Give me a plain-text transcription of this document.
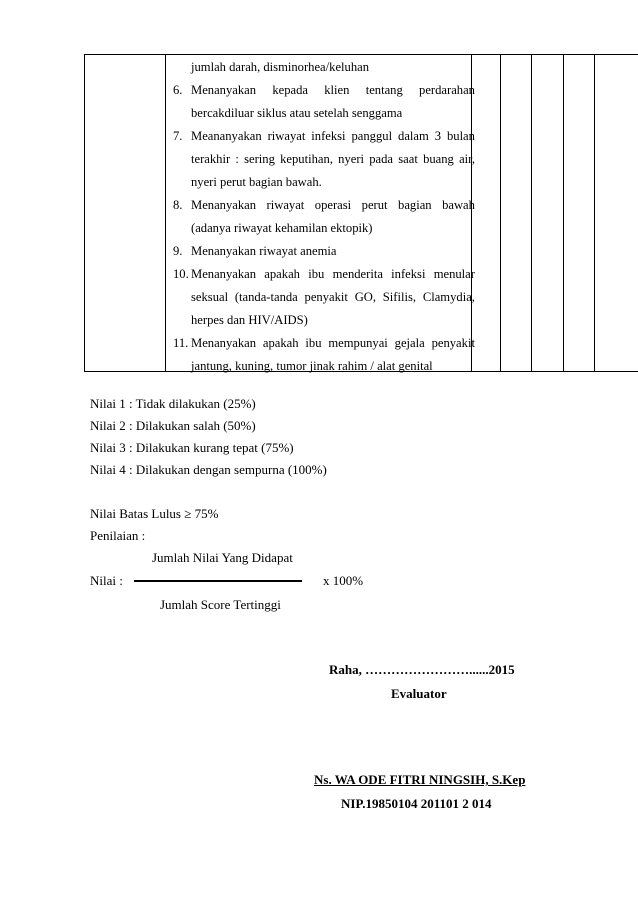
jumlah darah, disminorhea/keluhan
6. Menanyakan kepada klien tentang perdarahan
bercakdiluar siklus atau setelah senggama
7. Meananyakan riwayat infeksi panggul dalam 3 bulan
terakhir : sering keputihan, nyeri pada saat buang air,
nyeri perut bagian bawah.
8. Menanyakan riwayat operasi perut bagian bawah
(adanya riwayat kehamilan ektopik)
9. Menanyakan riwayat anemia
10. Menanyakan apakah ibu menderita infeksi menular
seksual (tanda-tanda penyakit GO, Sifilis, Clamydia,
herpes dan HIV/AIDS)
11. Menanyakan apakah ibu mempunyai gejala penyakit
jantung, kuning, tumor jinak rahim / alat genital
Nilai 1 : Tidak dilakukan (25%)
Nilai 2 : Dilakukan salah (50%)
Nilai 3 : Dilakukan kurang tepat (75%)
Nilai 4 : Dilakukan dengan sempurna (100%)
Nilai Batas Lulus ≥ 75%
Penilaian :
Jumlah Nilai Yang Didapat
Nilai :	x 100%
Jumlah Score Tertinggi
Raha, ……………………......2015
Evaluator
Ns. WA ODE FITRI NINGSIH, S.Kep
NIP.19850104 201101 2 014
